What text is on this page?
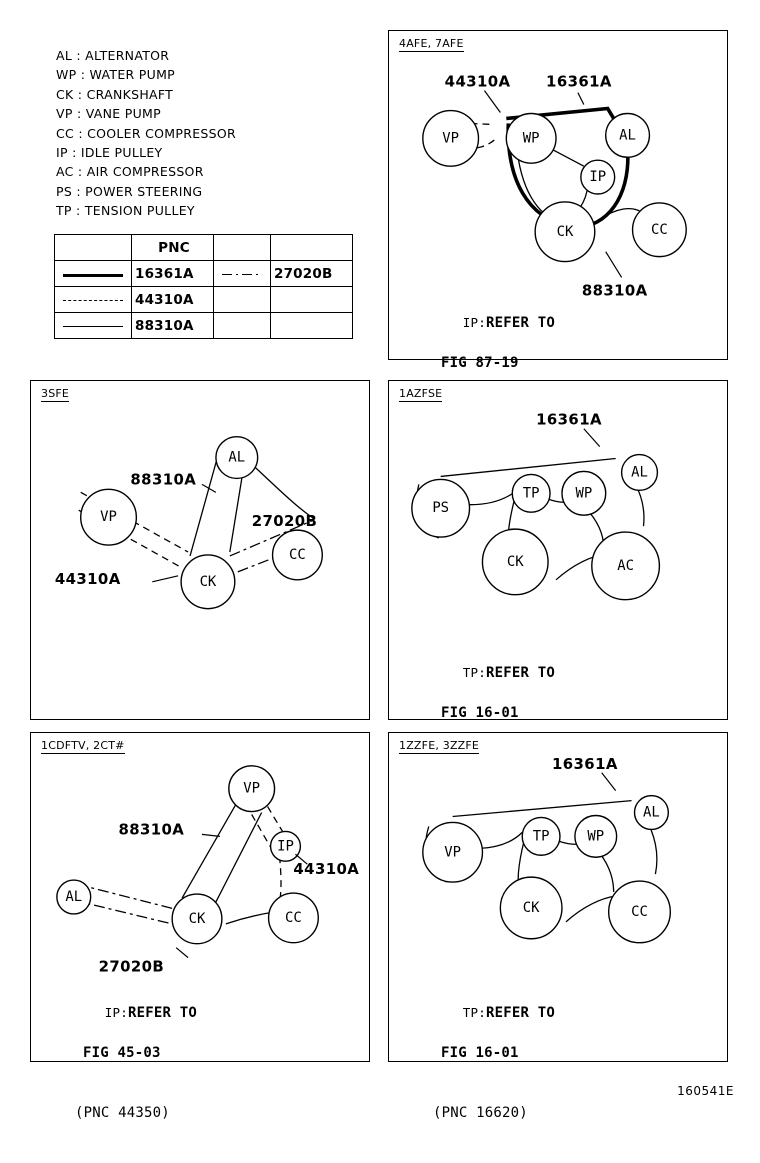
AL : ALTERNATOR
WP : WATER PUMP
CK : CRANKSHAFT
VP : VANE PUMP
CC : COOLER COMPRESSOR
IP : IDLE PULLEY
AC : AIR COMPRESSOR
PS : POWER STEERING
TP : TENSION PULLEY
	PNC		

	16361A		27020B

	44310A		

	88310A		
4AFE, 7AFE
VP	WP	AL
IP
CK	CC
44310A 16361A
88310A

IP:REFER TO

FIG 87-19

3SFE
AL
VP
CK
CC
88310A
27020B
44310A
1AZFSE
AL
PS
TP	WP
CK	AC
16361A

TP:REFER TO

FIG 16-01

1CDFTV, 2CT#
VP
IP
AL
CK	CC
88310A
44310A
27020B

IP:REFER TO

FIG 45-03

(PNC 44350)

1ZZFE, 3ZZFE
AL
VP
TP	WP
CK	CC
16361A

TP:REFER TO

FIG 16-01

(PNC 16620)

160541E
